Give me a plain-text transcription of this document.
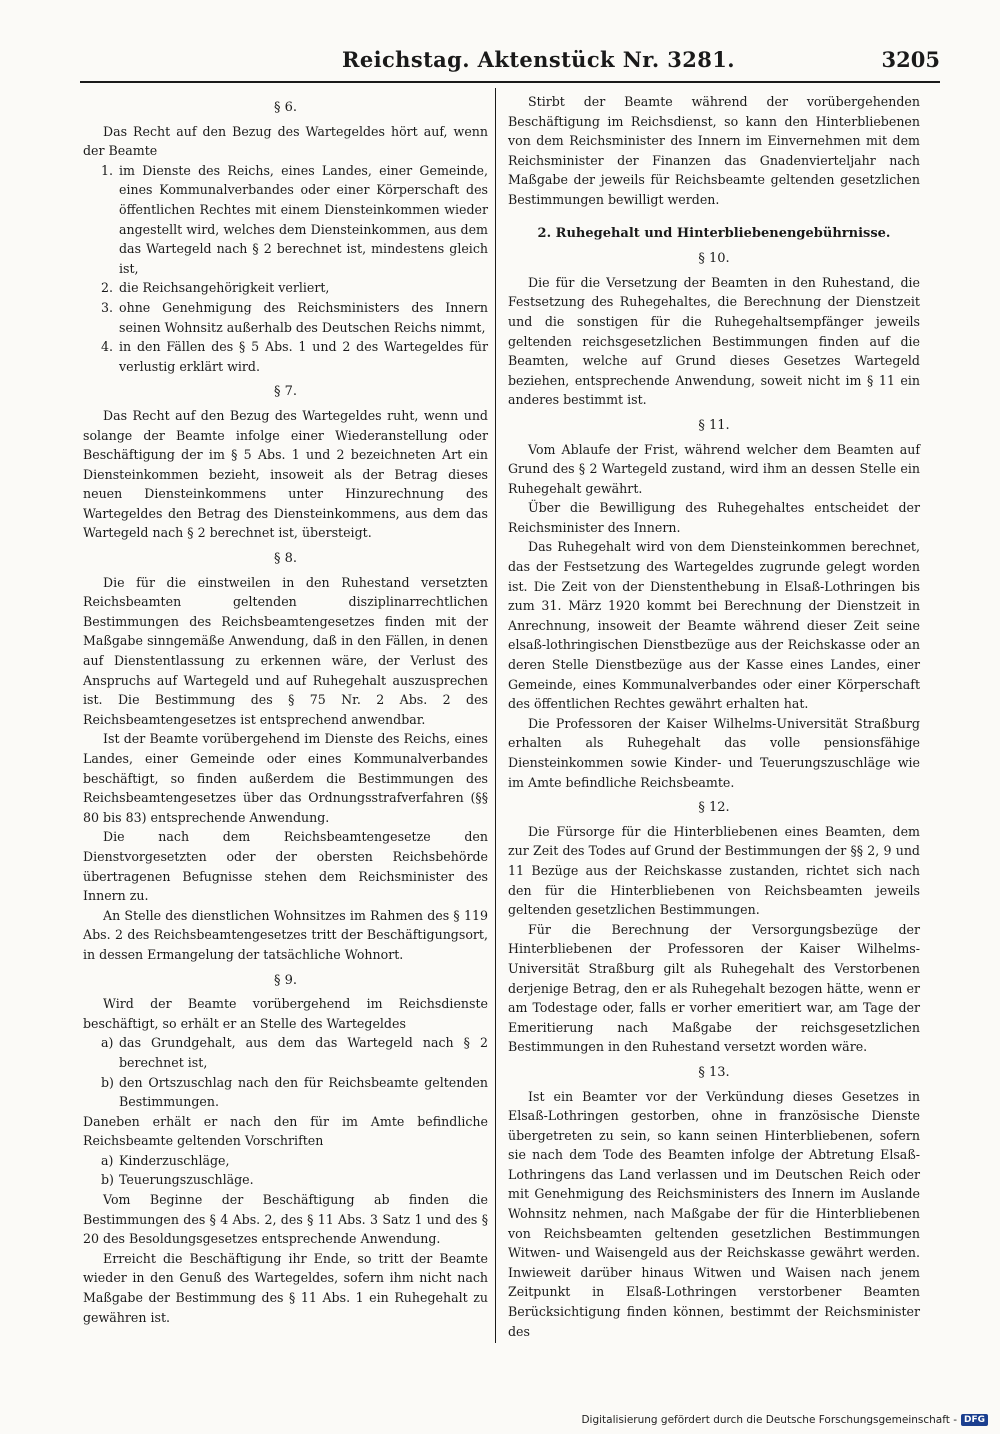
Reichstag. Aktenstück Nr. 3281.	3205
§ 6.

Das Recht auf den Bezug des Wartegeldes hört auf, wenn der Beamte

1. im Dienste des Reichs, eines Landes, einer Gemeinde, eines Kommunalverbandes oder einer Körperschaft des öffentlichen Rechtes mit einem Diensteinkommen wieder angestellt wird, welches dem Diensteinkommen, aus dem das Wartegeld nach § 2 berechnet ist, mindestens gleich ist,
2. die Reichsangehörigkeit verliert,
3. ohne Genehmigung des Reichsministers des Innern seinen Wohnsitz außerhalb des Deutschen Reichs nimmt,
4. in den Fällen des § 5 Abs. 1 und 2 des Wartegeldes für verlustig erklärt wird.
§ 7.

Das Recht auf den Bezug des Wartegeldes ruht, wenn und solange der Beamte infolge einer Wiederanstellung oder Beschäftigung der im § 5 Abs. 1 und 2 bezeichneten Art ein Diensteinkommen bezieht, insoweit als der Betrag dieses neuen Diensteinkommens unter Hinzurechnung des Wartegeldes den Betrag des Diensteinkommens, aus dem das Wartegeld nach § 2 berechnet ist, übersteigt.

§ 8.

Die für die einstweilen in den Ruhestand versetzten Reichsbeamten geltenden disziplinarrechtlichen Bestimmungen des Reichsbeamtengesetzes finden mit der Maßgabe sinngemäße Anwendung, daß in den Fällen, in denen auf Dienstentlassung zu erkennen wäre, der Verlust des Anspruchs auf Wartegeld und auf Ruhegehalt auszusprechen ist. Die Bestimmung des § 75 Nr. 2 Abs. 2 des Reichsbeamtengesetzes ist entsprechend anwendbar.

Ist der Beamte vorübergehend im Dienste des Reichs, eines Landes, einer Gemeinde oder eines Kommunalverbandes beschäftigt, so finden außerdem die Bestimmungen des Reichsbeamtengesetzes über das Ordnungsstrafverfahren (§§ 80 bis 83) entsprechende Anwendung.

Die nach dem Reichsbeamtengesetze den Dienstvorgesetzten oder der obersten Reichsbehörde übertragenen Befugnisse stehen dem Reichsminister des Innern zu.

An Stelle des dienstlichen Wohnsitzes im Rahmen des § 119 Abs. 2 des Reichsbeamtengesetzes tritt der Beschäftigungsort, in dessen Ermangelung der tatsächliche Wohnort.

§ 9.

Wird der Beamte vorübergehend im Reichsdienste beschäftigt, so erhält er an Stelle des Wartegeldes

a) das Grundgehalt, aus dem das Wartegeld nach § 2 berechnet ist,
b) den Ortszuschlag nach den für Reichsbeamte geltenden Bestimmungen.

Daneben erhält er nach den für im Amte befindliche Reichsbeamte geltenden Vorschriften

a) Kinderzuschläge,
b) Teuerungszuschläge.

Vom Beginne der Beschäftigung ab finden die Bestimmungen des § 4 Abs. 2, des § 11 Abs. 3 Satz 1 und des § 20 des Besoldungsgesetzes entsprechende Anwendung.

Erreicht die Beschäftigung ihr Ende, so tritt der Beamte wieder in den Genuß des Wartegeldes, sofern ihm nicht nach Maßgabe der Bestimmung des § 11 Abs. 1 ein Ruhegehalt zu gewähren ist.

Stirbt der Beamte während der vorübergehenden Beschäftigung im Reichsdienst, so kann den Hinterbliebenen von dem Reichsminister des Innern im Einvernehmen mit dem Reichsminister der Finanzen das Gnadenvierteljahr nach Maßgabe der jeweils für Reichsbeamte geltenden gesetzlichen Bestimmungen bewilligt werden.

2. Ruhegehalt und Hinterbliebenengebührnisse.
§ 10.

Die für die Versetzung der Beamten in den Ruhestand, die Festsetzung des Ruhegehaltes, die Berechnung der Dienstzeit und die sonstigen für die Ruhegehaltsempfänger jeweils geltenden reichsgesetzlichen Bestimmungen finden auf die Beamten, welche auf Grund dieses Gesetzes Wartegeld beziehen, entsprechende Anwendung, soweit nicht im § 11 ein anderes bestimmt ist.

§ 11.

Vom Ablaufe der Frist, während welcher dem Beamten auf Grund des § 2 Wartegeld zustand, wird ihm an dessen Stelle ein Ruhegehalt gewährt.

Über die Bewilligung des Ruhegehaltes entscheidet der Reichsminister des Innern.

Das Ruhegehalt wird von dem Diensteinkommen berechnet, das der Festsetzung des Wartegeldes zugrunde gelegt worden ist. Die Zeit von der Dienstenthebung in Elsaß-Lothringen bis zum 31. März 1920 kommt bei Berechnung der Dienstzeit in Anrechnung, insoweit der Beamte während dieser Zeit seine elsaß-lothringischen Dienstbezüge aus der Reichskasse oder an deren Stelle Dienstbezüge aus der Kasse eines Landes, einer Gemeinde, eines Kommunalverbandes oder einer Körperschaft des öffentlichen Rechtes gewährt erhalten hat.

Die Professoren der Kaiser Wilhelms-Universität Straßburg erhalten als Ruhegehalt das volle pensionsfähige Diensteinkommen sowie Kinder- und Teuerungszuschläge wie im Amte befindliche Reichsbeamte.

§ 12.

Die Fürsorge für die Hinterbliebenen eines Beamten, dem zur Zeit des Todes auf Grund der Bestimmungen der §§ 2, 9 und 11 Bezüge aus der Reichskasse zustanden, richtet sich nach den für die Hinterbliebenen von Reichsbeamten jeweils geltenden gesetzlichen Bestimmungen.

Für die Berechnung der Versorgungsbezüge der Hinterbliebenen der Professoren der Kaiser Wilhelms-Universität Straßburg gilt als Ruhegehalt des Verstorbenen derjenige Betrag, den er als Ruhegehalt bezogen hätte, wenn er am Todestage oder, falls er vorher emeritiert war, am Tage der Emeritierung nach Maßgabe der reichsgesetzlichen Bestimmungen in den Ruhestand versetzt worden wäre.

§ 13.

Ist ein Beamter vor der Verkündung dieses Gesetzes in Elsaß-Lothringen gestorben, ohne in französische Dienste übergetreten zu sein, so kann seinen Hinterbliebenen, sofern sie nach dem Tode des Beamten infolge der Abtretung Elsaß-Lothringens das Land verlassen und im Deutschen Reich oder mit Genehmigung des Reichsministers des Innern im Auslande Wohnsitz nehmen, nach Maßgabe der für die Hinterbliebenen von Reichsbeamten geltenden gesetzlichen Bestimmungen Witwen- und Waisengeld aus der Reichskasse gewährt werden. Inwieweit darüber hinaus Witwen und Waisen nach jenem Zeitpunkt in Elsaß-Lothringen verstorbener Beamten Berücksichtigung finden können, bestimmt der Reichsminister des

Digitalisierung gefördert durch die Deutsche Forschungsgemeinschaft - DFG
